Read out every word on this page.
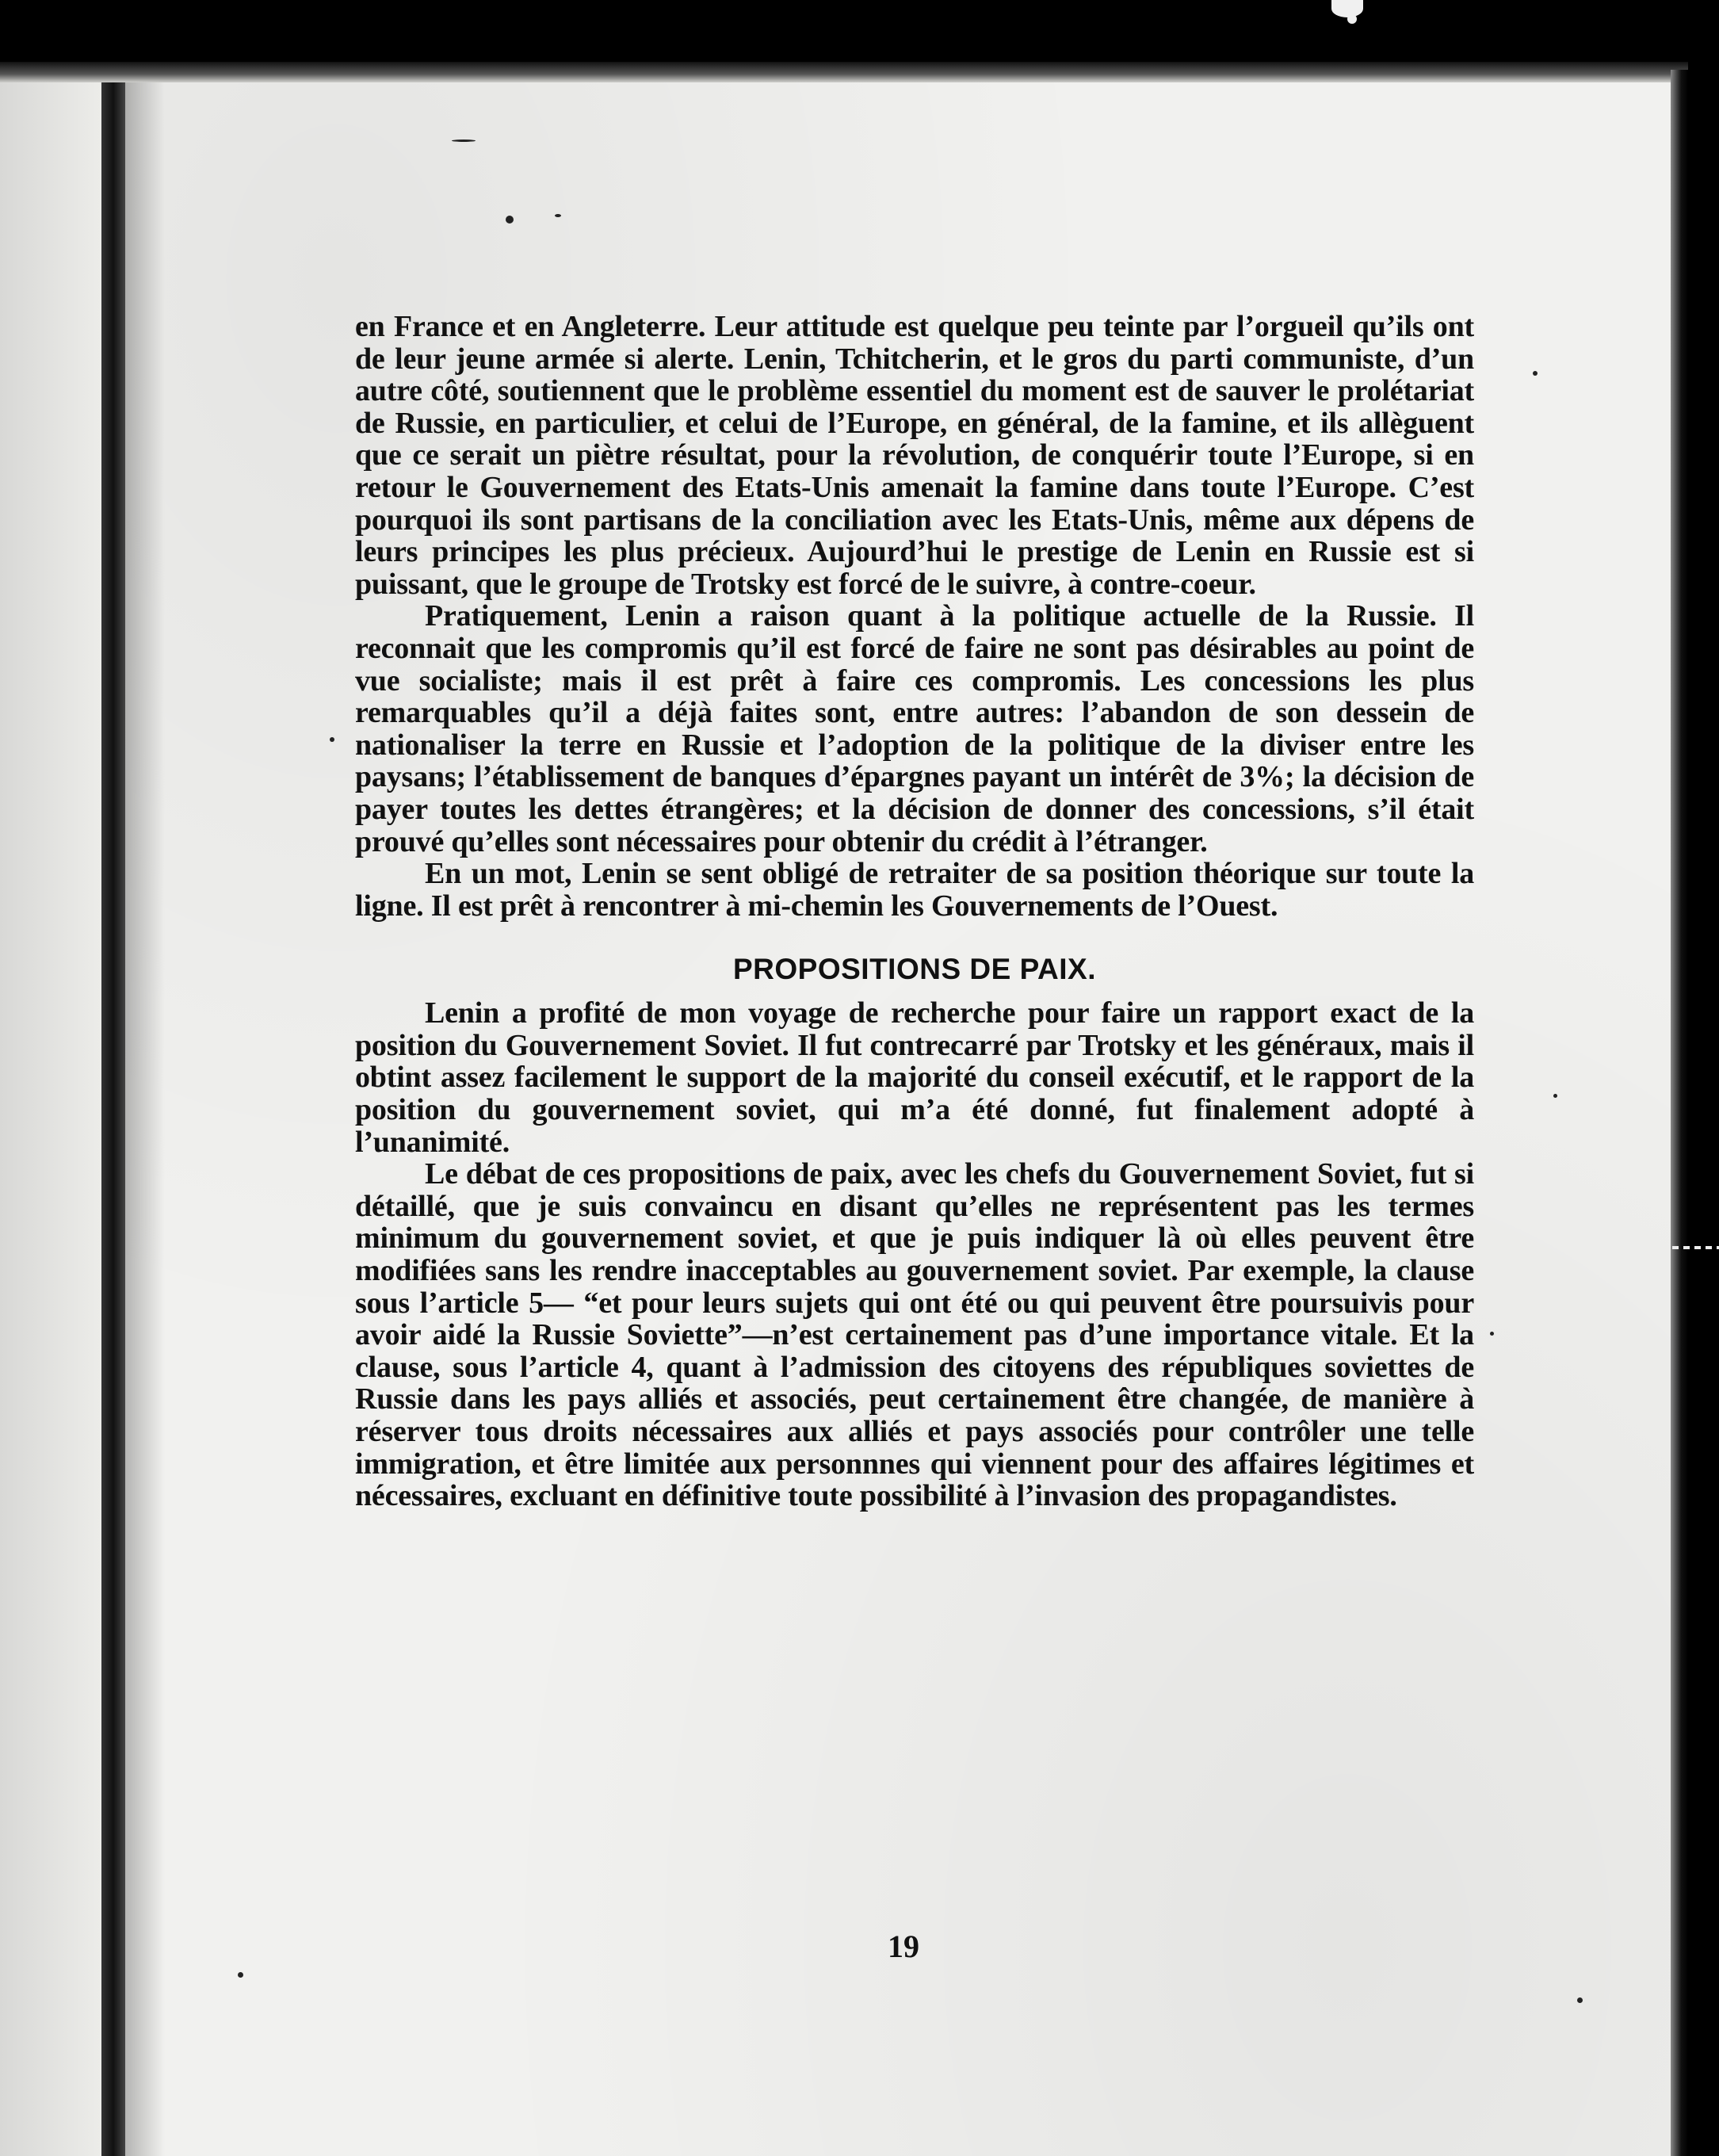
en France et en Angleterre. Leur attitude est quelque peu teinte par l’orgueil qu’ils ont de leur jeune armée si alerte. Lenin, Tchitcherin, et le gros du parti communiste, d’un autre côté, soutiennent que le problème essentiel du moment est de sauver le prolétariat de Russie, en particulier, et celui de l’Europe, en général, de la famine, et ils allèguent que ce serait un piètre résultat, pour la révolution, de conquérir toute l’Europe, si en retour le Gouvernement des Etats-Unis amenait la famine dans toute l’Europe. C’est pourquoi ils sont partisans de la conciliation avec les Etats-Unis, même aux dépens de leurs principes les plus précieux. Aujourd’hui le prestige de Lenin en Russie est si puissant, que le groupe de Trotsky est forcé de le suivre, à contre-coeur.

Pratiquement, Lenin a raison quant à la politique actuelle de la Russie. Il reconnait que les compromis qu’il est forcé de faire ne sont pas désirables au point de vue socialiste; mais il est prêt à faire ces compromis. Les concessions les plus remarquables qu’il a déjà faites sont, entre autres: l’abandon de son dessein de nationaliser la terre en Russie et l’adoption de la politique de la diviser entre les paysans; l’établissement de banques d’épargnes payant un intérêt de 3%; la décision de payer toutes les dettes étrangères; et la décision de donner des concessions, s’il était prouvé qu’elles sont nécessaires pour obtenir du crédit à l’étranger.

En un mot, Lenin se sent obligé de retraiter de sa position théorique sur toute la ligne. Il est prêt à rencontrer à mi-chemin les Gouvernements de l’Ouest.

PROPOSITIONS DE PAIX.

Lenin a profité de mon voyage de recherche pour faire un rapport exact de la position du Gouvernement Soviet. Il fut contrecarré par Trotsky et les généraux, mais il obtint assez facilement le support de la majorité du conseil exécutif, et le rapport de la position du gouvernement soviet, qui m’a été donné, fut finalement adopté à l’unanimité.

Le débat de ces propositions de paix, avec les chefs du Gouvernement Soviet, fut si détaillé, que je suis convaincu en disant qu’elles ne représentent pas les termes minimum du gouvernement soviet, et que je puis indiquer là où elles peuvent être modifiées sans les rendre inacceptables au gouvernement soviet. Par exemple, la clause sous l’article 5— “et pour leurs sujets qui ont été ou qui peuvent être poursuivis pour avoir aidé la Russie Soviette”—n’est certainement pas d’une importance vitale. Et la clause, sous l’article 4, quant à l’admission des citoyens des républiques soviettes de Russie dans les pays alliés et associés, peut certainement être changée, de manière à réserver tous droits nécessaires aux alliés et pays associés pour contrôler une telle immigration, et être limitée aux personnnes qui viennent pour des affaires légitimes et nécessaires, excluant en définitive toute possibilité à l’invasion des propagandistes.

19
